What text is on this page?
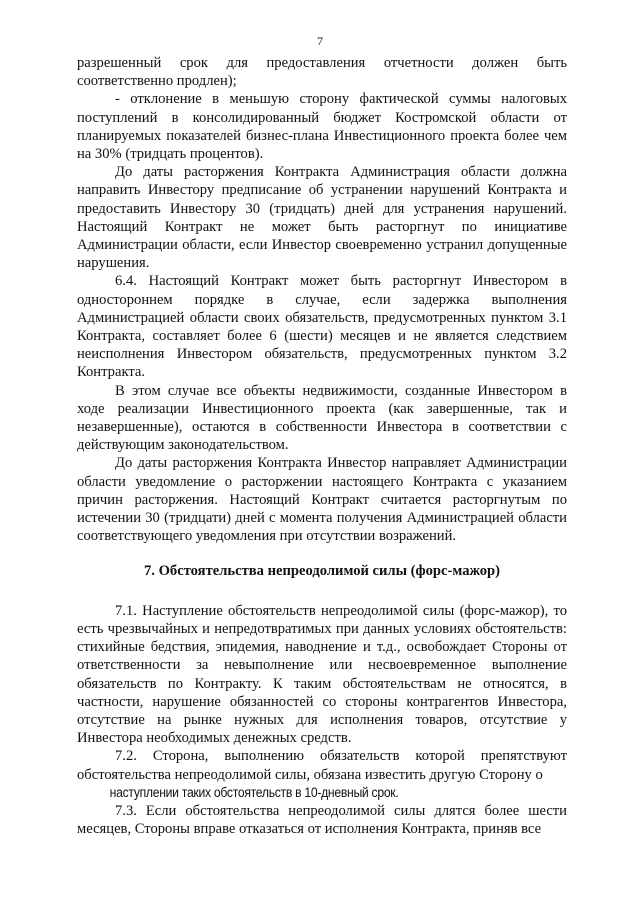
7

разрешенный срок для предоставления отчетности должен быть соответственно продлен);

- отклонение в меньшую сторону фактической суммы налоговых поступлений в консолидированный бюджет Костромской области от планируемых показателей бизнес-плана Инвестиционного проекта более чем на 30% (тридцать процентов).

До даты расторжения Контракта Администрация области должна направить Инвестору предписание об устранении нарушений Контракта и предоставить Инвестору 30 (тридцать) дней для устранения нарушений. Настоящий Контракт не может быть расторгнут по инициативе Администрации области, если Инвестор своевременно устранил допущенные нарушения.

6.4. Настоящий Контракт может быть расторгнут Инвестором в одностороннем порядке в случае, если задержка выполнения Администрацией области своих обязательств, предусмотренных пунктом 3.1 Контракта, составляет более 6 (шести) месяцев и не является следствием неисполнения Инвестором обязательств, предусмотренных пунктом 3.2 Контракта.

В этом случае все объекты недвижимости, созданные Инвестором в ходе реализации Инвестиционного проекта (как завершенные, так и незавершенные), остаются в собственности Инвестора в соответствии с действующим законодательством.

До даты расторжения Контракта Инвестор направляет Администрации области уведомление о расторжении настоящего Контракта с указанием причин расторжения. Настоящий Контракт считается расторгнутым по истечении 30 (тридцати) дней с момента получения Администрацией области соответствующего уведомления при отсутствии возражений.

7. Обстоятельства непреодолимой силы (форс-мажор)

7.1. Наступление обстоятельств непреодолимой силы (форс-мажор), то есть чрезвычайных и непредотвратимых при данных условиях обстоятельств: стихийные бедствия, эпидемия, наводнение и т.д., освобождает Стороны от ответственности за невыполнение или несвоевременное выполнение обязательств по Контракту. К таким обстоятельствам не относятся, в частности, нарушение обязанностей со стороны контрагентов Инвестора, отсутствие на рынке нужных для исполнения товаров, отсутствие у Инвестора необходимых денежных средств.

7.2. Сторона, выполнению обязательств которой препятствуют обстоятельства непреодолимой силы, обязана известить другую Сторону о
наступлении таких обстоятельств в 10-дневный срок.

7.3. Если обстоятельства непреодолимой силы длятся более шести месяцев, Стороны вправе отказаться от исполнения Контракта, приняв все
